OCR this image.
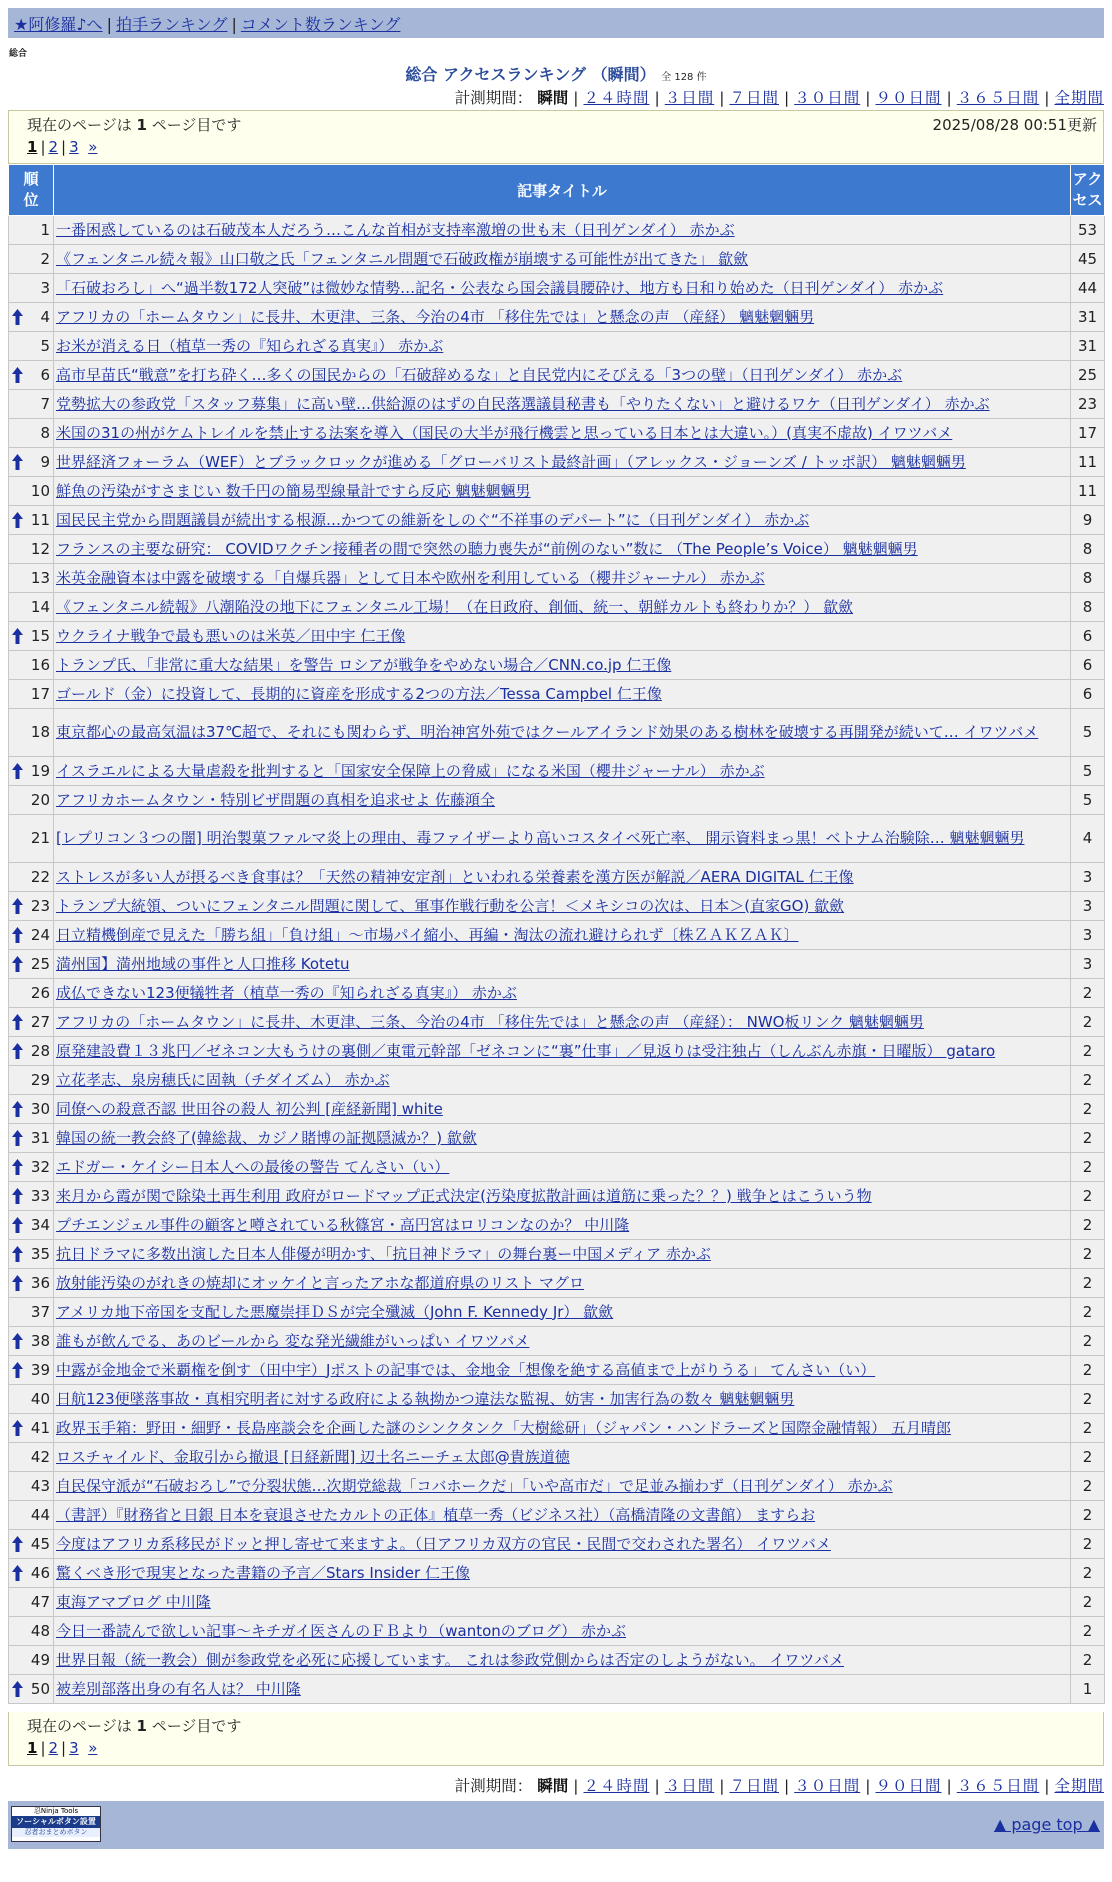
★阿修羅♪へ | 拍手ランキング | コメント数ランキング
総合
総合 アクセスランキング （瞬間） 全 128 件
計測期間： 瞬間 | ２４時間 | ３日間 | ７日間 | ３０日間 | ９０日間 | ３６５日間 | 全期間
現在のページは 1 ページ目です	2025/08/28 00:51更新
1 | 2 | 3 »
順位	記事タイトル	アクセス
1	一番困惑しているのは石破茂本人だろう…こんな首相が支持率激増の世も末（日刊ゲンダイ） 赤かぶ	53
2	《フェンタニル続々報》山口敬之氏「フェンタニル問題で石破政権が崩壊する可能性が出てきた」 歙歛	45
3	「石破おろし」へ“過半数172人突破”は微妙な情勢…記名・公表なら国会議員腰砕け、地方も日和り始めた（日刊ゲンダイ） 赤かぶ	44

4	アフリカの「ホームタウン」に長井、木更津、三条、今治の4市 「移住先では」と懸念の声 （産経） 魑魅魍魎男	31
5	お米が消える日（植草一秀の『知られざる真実』） 赤かぶ	31

6	高市早苗氏“戦意”を打ち砕く…多くの国民からの「石破辞めるな」と自民党内にそびえる「3つの壁」（日刊ゲンダイ） 赤かぶ	25
7	党勢拡大の参政党「スタッフ募集」に高い壁…供給源のはずの自民落選議員秘書も「やりたくない」と避けるワケ（日刊ゲンダイ） 赤かぶ	23
8	米国の31の州がケムトレイルを禁止する法案を導入（国民の大半が飛行機雲と思っている日本とは大違い。）(真実不虚故) イワツバメ	17

9	世界経済フォーラム（WEF）とブラックロックが進める「グローバリスト最終計画」（アレックス・ジョーンズ / トッポ訳） 魑魅魍魎男	11
10	鮮魚の汚染がすさまじい 数千円の簡易型線量計ですら反応 魑魅魍魎男	11

11	国民民主党から問題議員が続出する根源…かつての維新をしのぐ“不祥事のデパート”に（日刊ゲンダイ） 赤かぶ	9
12	フランスの主要な研究： COVIDワクチン接種者の間で突然の聴力喪失が“前例のない”数に （The People’s Voice） 魑魅魍魎男	8
13	米英金融資本は中露を破壊する「自爆兵器」として日本や欧州を利用している（櫻井ジャーナル） 赤かぶ	8
14	《フェンタニル続報》八潮陥没の地下にフェンタニル工場！（在日政府、創価、統一、朝鮮カルトも終わりか？） 歙歛	8

15	ウクライナ戦争で最も悪いのは米英／田中宇 仁王像	6
16	トランプ氏、「非常に重大な結果」を警告 ロシアが戦争をやめない場合／CNN.co.jp 仁王像	6
17	ゴールド（金）に投資して、長期的に資産を形成する2つの方法／Tessa Campbel 仁王像	6
18	東京都心の最高気温は37℃超で、それにも関わらず、明治神宮外苑ではクールアイランド効果のある樹林を破壊する再開発が続いて… イワツバメ	5

19	イスラエルによる大量虐殺を批判すると「国家安全保障上の脅威」になる米国（櫻井ジャーナル） 赤かぶ	5
20	アフリカホームタウン・特別ビザ問題の真相を追求せよ 佐藤澒全	5
21	[レプリコン３つの闇] 明治製菓ファルマ炎上の理由、毒ファイザーより高いコスタイベ死亡率、 開示資料まっ黒！ベトナム治験除… 魑魅魍魎男	4
22	ストレスが多い人が摂るべき食事は？「天然の精神安定剤」といわれる栄養素を漢方医が解説／AERA DIGITAL 仁王像	3

23	トランプ大統領、ついにフェンタニル問題に関して、軍事作戦行動を公言！＜メキシコの次は、日本＞(直家GO) 歙歛	3

24	日立精機倒産で見えた「勝ち組」「負け組」～市場パイ縮小、再編・淘汰の流れ避けられず〔株ＺＡＫＺＡＫ〕	3

25	満州国】満州地域の事件と人口推移 Kotetu	3
26	成仏できない123便犠牲者（植草一秀の『知られざる真実』） 赤かぶ	2

27	アフリカの「ホームタウン」に長井、木更津、三条、今治の4市 「移住先では」と懸念の声 （産経）： NWO板リンク 魑魅魍魎男	2

28	原発建設費１３兆円／ゼネコン大もうけの裏側／東電元幹部「ゼネコンに“裏”仕事」／見返りは受注独占（しんぶん赤旗・日曜版） gataro	2
29	立花孝志、泉房穂氏に固執（チダイズム） 赤かぶ	2

30	同僚への殺意否認 世田谷の殺人 初公判 [産経新聞] white	2

31	韓国の統一教会終了(韓総裁、カジノ賭博の証拠隠滅か？) 歙歛	2

32	エドガー・ケイシー日本人への最後の警告 てんさい（い）	2

33	来月から霞が関で除染土再生利用 政府がロードマップ正式決定(汚染度拡散計画は道筋に乗った？？) 戦争とはこういう物	2

34	プチエンジェル事件の顧客と噂されている秋篠宮・高円宮はロリコンなのか？ 中川隆	2

35	抗日ドラマに多数出演した日本人俳優が明かす、「抗日神ドラマ」の舞台裏ー中国メディア 赤かぶ	2

36	放射能汚染のがれきの焼却にオッケイと言ったアホな都道府県のリスト マグロ	2
37	アメリカ地下帝国を支配した悪魔崇拝ＤＳが完全殲滅（John F. Kennedy Jr） 歙歛	2

38	誰もが飲んでる、あのビールから 変な発光繊維がいっぱい イワツバメ	2

39	中露が金地金で米覇権を倒す（田中宇）Jポストの記事では、金地金「想像を絶する高値まで上がりうる」 てんさい（い）	2
40	日航123便墜落事故・真相究明者に対する政府による執拗かつ違法な監視、妨害・加害行為の数々 魑魅魍魎男	2

41	政界玉手箱：野田・細野・長島座談会を企画した謎のシンクタンク「大樹総研」（ジャパン・ハンドラーズと国際金融情報） 五月晴郎	2
42	ロスチャイルド、金取引から撤退 [日経新聞] 辺土名ニーチェ太郎@貴族道徳	2
43	自民保守派が“石破おろし”で分裂状態…次期党総裁「コバホークだ」「いや高市だ」で足並み揃わず（日刊ゲンダイ） 赤かぶ	2
44	（書評）『財務省と日銀 日本を衰退させたカルトの正体』植草一秀（ビジネス社）（高橋清隆の文書館） ますらお	2

45	今度はアフリカ系移民がドッと押し寄せて来ますよ。（日アフリカ双方の官民・民間で交わされた署名） イワツバメ	2

46	驚くべき形で現実となった書籍の予言／Stars Insider 仁王像	2
47	東海アマブログ 中川隆	2
48	今日一番読んで欲しい記事〜キチガイ医さんのＦＢより（wantonのブログ） 赤かぶ	2
49	世界日報（統一教会）側が参政党を必死に応援しています。 これは参政党側からは否定のしようがない。 イワツバメ	2

50	被差別部落出身の有名人は？ 中川隆	1
計測期間： 瞬間 | ２４時間 | ３日間 | ７日間 | ３０日間 | ９０日間 | ３６５日間 | 全期間
現在のページは 1 ページ目です
1 | 2 | 3 »
忍Ninja Tools
ソーシャルボタン設置
忍者おまとめボタン	▲ page top ▲
